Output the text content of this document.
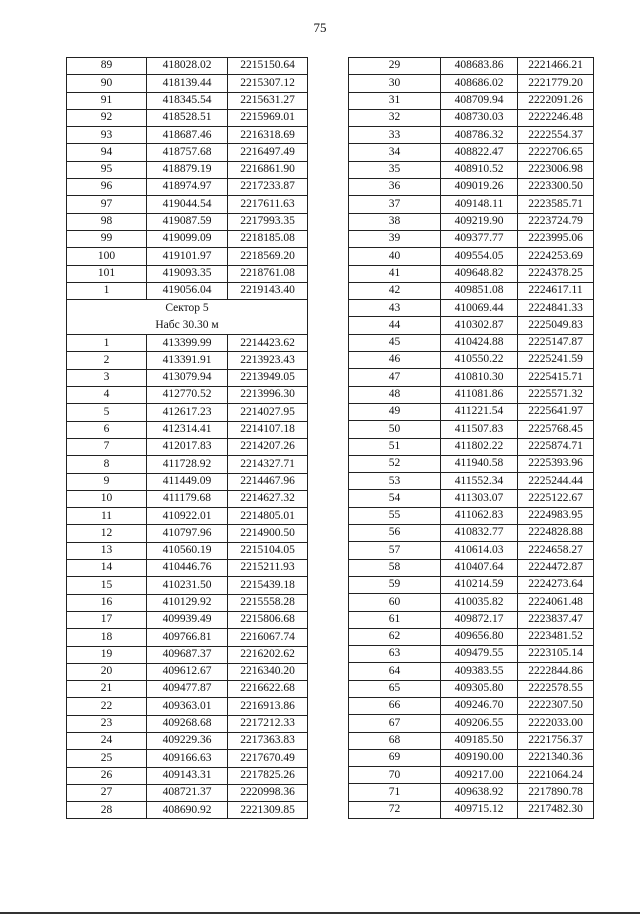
75
89	418028.02	2215150.64
90	418139.44	2215307.12
91	418345.54	2215631.27
92	418528.51	2215969.01
93	418687.46	2216318.69
94	418757.68	2216497.49
95	418879.19	2216861.90
96	418974.97	2217233.87
97	419044.54	2217611.63
98	419087.59	2217993.35
99	419099.09	2218185.08
100	419101.97	2218569.20
101	419093.35	2218761.08
1	419056.04	2219143.40

Сектор 5
Набс 30.30 м		

1	413399.99	2214423.62
2	413391.91	2213923.43
3	413079.94	2213949.05
4	412770.52	2213996.30
5	412617.23	2214027.95
6	412314.41	2214107.18
7	412017.83	2214207.26
8	411728.92	2214327.71
9	411449.09	2214467.96
10	411179.68	2214627.32
11	410922.01	2214805.01
12	410797.96	2214900.50
13	410560.19	2215104.05
14	410446.76	2215211.93
15	410231.50	2215439.18
16	410129.92	2215558.28
17	409939.49	2215806.68
18	409766.81	2216067.74
19	409687.37	2216202.62
20	409612.67	2216340.20
21	409477.87	2216622.68
22	409363.01	2216913.86
23	409268.68	2217212.33
24	409229.36	2217363.83
25	409166.63	2217670.49
26	409143.31	2217825.26
27	408721.37	2220998.36
28	408690.92	2221309.85
29	408683.86	2221466.21
30	408686.02	2221779.20
31	408709.94	2222091.26
32	408730.03	2222246.48
33	408786.32	2222554.37
34	408822.47	2222706.65
35	408910.52	2223006.98
36	409019.26	2223300.50
37	409148.11	2223585.71
38	409219.90	2223724.79
39	409377.77	2223995.06
40	409554.05	2224253.69
41	409648.82	2224378.25
42	409851.08	2224617.11
43	410069.44	2224841.33
44	410302.87	2225049.83
45	410424.88	2225147.87
46	410550.22	2225241.59
47	410810.30	2225415.71
48	411081.86	2225571.32
49	411221.54	2225641.97
50	411507.83	2225768.45
51	411802.22	2225874.71
52	411940.58	2225393.96
53	411552.34	2225244.44
54	411303.07	2225122.67
55	411062.83	2224983.95
56	410832.77	2224828.88
57	410614.03	2224658.27
58	410407.64	2224472.87
59	410214.59	2224273.64
60	410035.82	2224061.48
61	409872.17	2223837.47
62	409656.80	2223481.52
63	409479.55	2223105.14
64	409383.55	2222844.86
65	409305.80	2222578.55
66	409246.70	2222307.50
67	409206.55	2222033.00
68	409185.50	2221756.37
69	409190.00	2221340.36
70	409217.00	2221064.24
71	409638.92	2217890.78
72	409715.12	2217482.30
